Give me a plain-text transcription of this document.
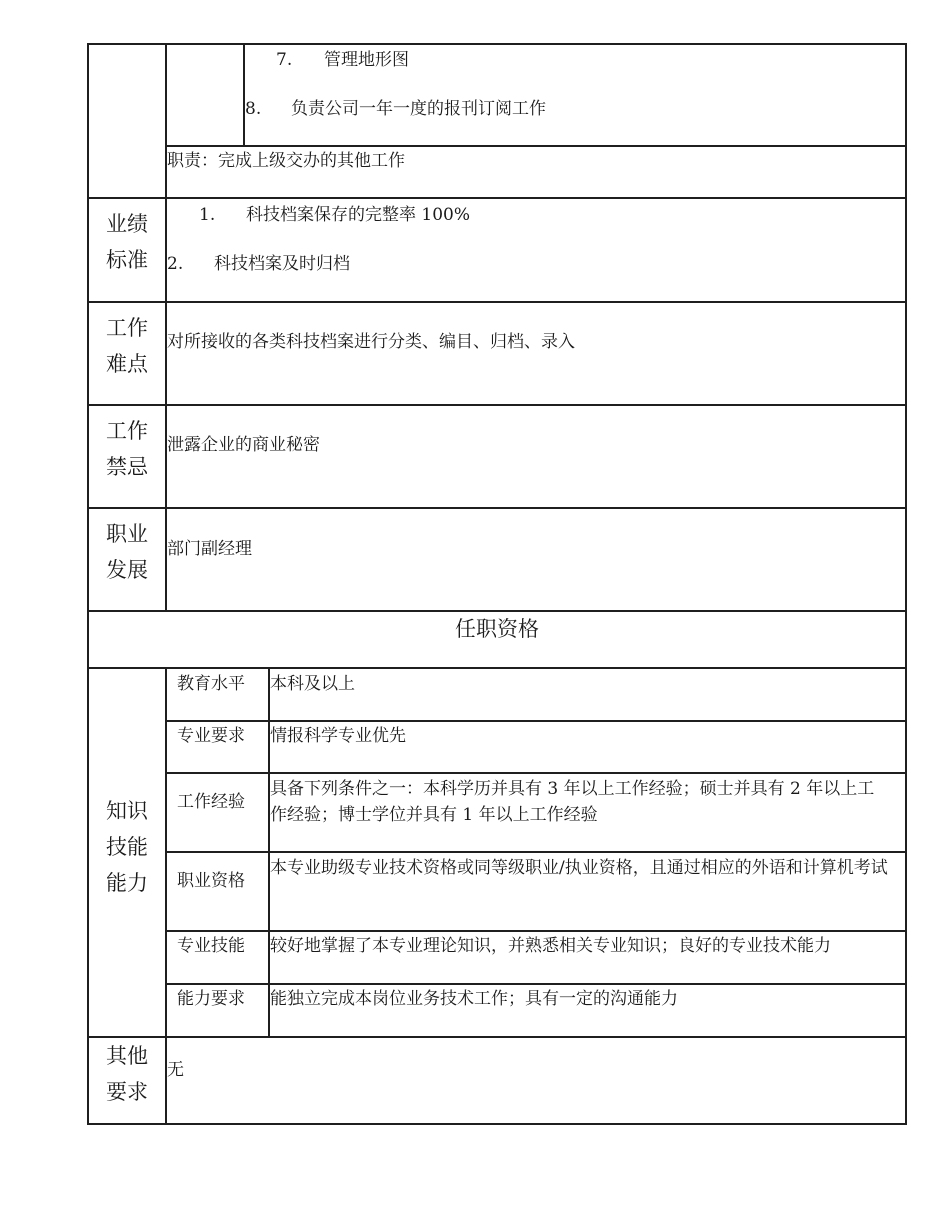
7. 管理地形图
8. 负责公司一年一度的报刊订阅工作
职责：完成上级交办的其他工作
业绩
标准
1. 科技档案保存的完整率 100%
2. 科技档案及时归档
工作
难点
对所接收的各类科技档案进行分类、编目、归档、录入
工作
禁忌
泄露企业的商业秘密
职业
发展
部门副经理
任职资格
知识
技能
能力
教育水平 本科及以上
专业要求 情报科学专业优先
工作经验
具备下列条件之一：本科学历并具有 3 年以上工作经验；硕士并具有 2 年以上工作经验；博士学位并具有 1 年以上工作经验
职业资格
本专业助级专业技术资格或同等级职业/执业资格，且通过相应的外语和计算机考试
专业技能 较好地掌握了本专业理论知识，并熟悉相关专业知识；良好的专业技术能力
能力要求 能独立完成本岗位业务技术工作；具有一定的沟通能力
其他
要求
无
